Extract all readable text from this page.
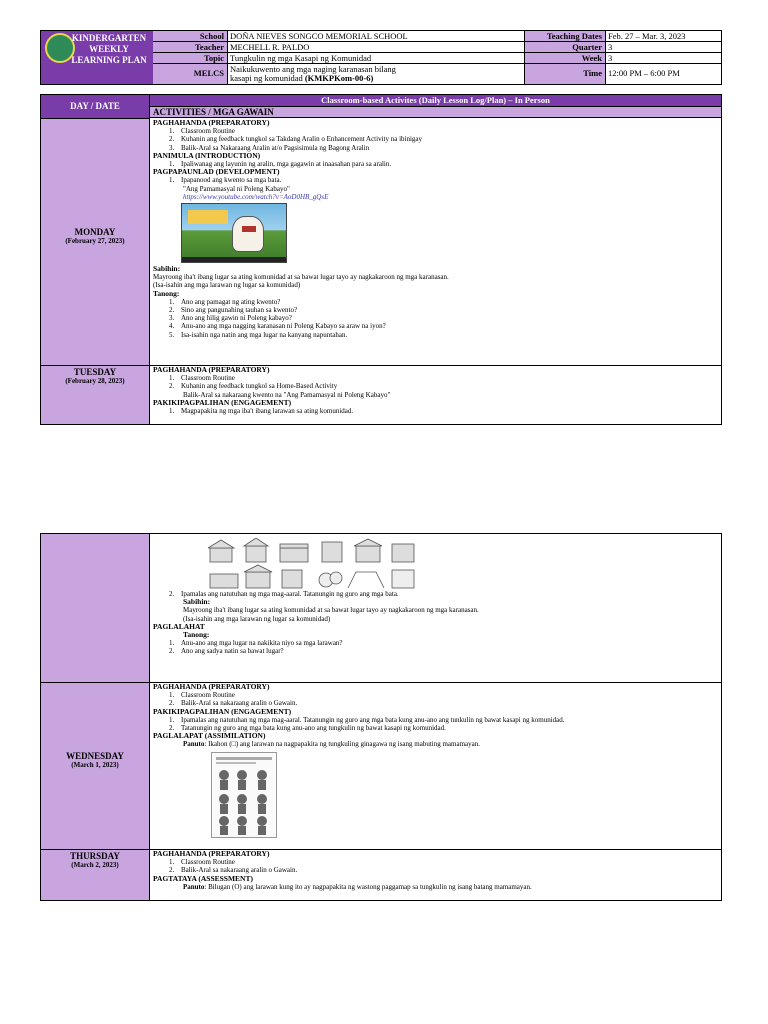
KINDERGARTEN
WEEKLY
LEARNING PLAN
School
Teacher
Topic
MELCS
DOÑA NIEVES SONGCO MEMORIAL SCHOOL
MECHELL R. PALDO
Tungkulin ng mga Kasapi ng Komunidad
Naikukuwento ang mga naging karanasan bilang
kasapi ng komunidad (KMKPKom-00-6)
Teaching Dates
Quarter
Week
Time
Feb. 27 – Mar. 3, 2023
3
3
12:00 PM – 6:00 PM
DAY / DATE
Classroom-based Activites (Daily Lesson Log/Plan) – In Person
ACTIVITIES / MGA GAWAIN
MONDAY
(February 27, 2023)
PAGHAHANDA (PREPARATORY)
1. Classroom Routine
2. Kuhanin ang feedback tungkol sa Takdang Aralin o Enhancement Activity na ibinigay
3. Balik-Aral sa Nakaraang Aralin at/o Pagsisimula ng Bagong Aralin
PANIMULA (INTRODUCTION)
1. Ipaliwanag ang layunin ng aralin, mga gagawin at inaasahan para sa aralin.
PAGPAPAUNLAD (DEVELOPMENT)
1. Ipapanood ang kwento sa mga bata.
"Ang Pamamasyal ni Poleng Kabayo"
https://www.youtube.com/watch?v=AoD0HB_gQsE

Sabihin:
Mayroong iba't ibang lugar sa ating komunidad at sa bawat lugar tayo ay nagkakaroon ng mga karanasan.
(Isa-isahin ang mga larawan ng lugar sa komunidad)
Tanong:
1. Ano ang pamagat ng ating kwento?
2. Sino ang pangunahing tauhan sa kwento?
3. Ano ang hilig gawin ni Poleng kabayo?
4. Anu-ano ang mga nagging karanasan ni Poleng Kabayo sa araw na iyon?
5. Isa-isahin nga natin ang mga lugar na kanyang napuntahan.
TUESDAY
(February 28, 2023)
PAGHAHANDA (PREPARATORY)
1. Classroom Routine
2. Kuhanin ang feedback tungkol sa Home-Based Activity
Balik-Aral sa nakaraang kwento na "Ang Pamamasyal ni Poleng Kabayo"
PAKIKIPAGPALIHAN (ENGAGEMENT)
1. Magpapakita ng mga iba't ibang larawan sa ating komunidad.
2. Ipamalas ang natutuhan ng mga mag-aaral. Tatanungin ng guro ang mga bata.
Sabihin:
Mayroong iba't ibang lugar sa ating komunidad at sa bawat lugar tayo ay nagkakaroon ng mga karanasan.
(Isa-isahin ang mga larawan ng lugar sa komunidad)
PAGLALAHAT
Tanong:
1. Anu-ano ang mga lugar na nakikita niyo sa mga larawan?
2. Ano ang sadya natin sa bawat lugar?
WEDNESDAY
(March 1, 2023)
PAGHAHANDA (PREPARATORY)
1. Classroom Routine
2. Balik-Aral sa nakaraang aralin o Gawain.
PAKIKIPAGPALIHAN (ENGAGEMENT)
1. Ipamalas ang natutuhan ng mga mag-aaral. Tatanungin ng guro ang mga bata kung anu-ano ang tunkulin ng bawat kasapi ng komunidad.
2. Tatanungin ng guro ang mga bata kung anu-ano ang tungkulin ng bawat kasapi ng komunidad.
PAGLALAPAT (ASSIMILATION)
Panuto: Ikahon (□) ang larawan na nagpapakita ng tungkuling ginagawa ng isang mabuting mamamayan.
THURSDAY
(March 2, 2023)
PAGHAHANDA (PREPARATORY)
1. Classroom Routine
2. Balik-Aral sa nakaraang aralin o Gawain.
PAGTATAYA (ASSESSMENT)
Panuto: Bilugan (O) ang larawan kung ito ay nagpapakita ng wastong paggamap sa tungkulin ng isang batang mamamayan.
